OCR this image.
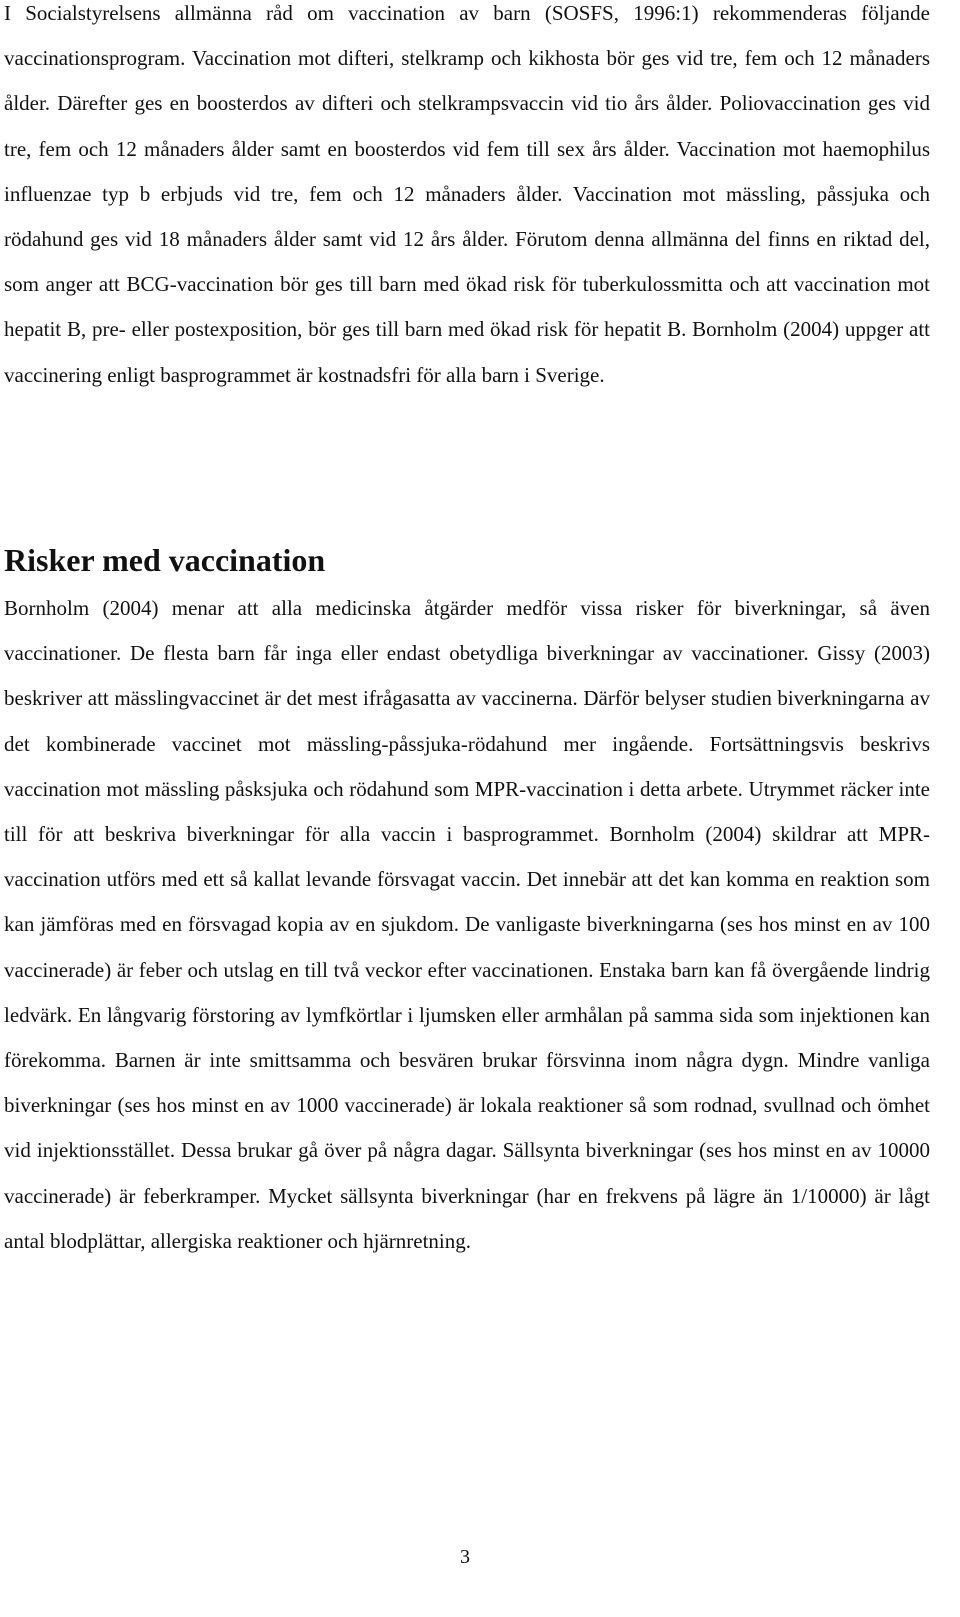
I Socialstyrelsens allmänna råd om vaccination av barn (SOSFS, 1996:1) rekommenderas följande vaccinationsprogram. Vaccination mot difteri, stelkramp och kikhosta bör ges vid tre, fem och 12 månaders ålder. Därefter ges en boosterdos av difteri och stelkrampsvaccin vid tio års ålder. Poliovaccination ges vid tre, fem och 12 månaders ålder samt en boosterdos vid fem till sex års ålder. Vaccination mot haemophilus influenzae typ b erbjuds vid tre, fem och 12 månaders ålder. Vaccination mot mässling, påssjuka och rödahund ges vid 18 månaders ålder samt vid 12 års ålder. Förutom denna allmänna del finns en riktad del, som anger att BCG-vaccination bör ges till barn med ökad risk för tuberkulossmitta och att vaccination mot hepatit B, pre- eller postexposition, bör ges till barn med ökad risk för hepatit B. Bornholm (2004) uppger att vaccinering enligt basprogrammet är kostnadsfri för alla barn i Sverige.

Risker med vaccination

Bornholm (2004) menar att alla medicinska åtgärder medför vissa risker för biverkningar, så även vaccinationer. De flesta barn får inga eller endast obetydliga biverkningar av vaccinationer. Gissy (2003) beskriver att mässlingvaccinet är det mest ifrågasatta av vaccinerna. Därför belyser studien biverkningarna av det kombinerade vaccinet mot mässling-påssjuka-rödahund mer ingående. Fortsättningsvis beskrivs vaccination mot mässling påsksjuka och rödahund som MPR-vaccination i detta arbete. Utrymmet räcker inte till för att beskriva biverkningar för alla vaccin i basprogrammet. Bornholm (2004) skildrar att MPR-vaccination utförs med ett så kallat levande försvagat vaccin. Det innebär att det kan komma en reaktion som kan jämföras med en försvagad kopia av en sjukdom. De vanligaste biverkningarna (ses hos minst en av 100 vaccinerade) är feber och utslag en till två veckor efter vaccinationen. Enstaka barn kan få övergående lindrig ledvärk. En långvarig förstoring av lymfkörtlar i ljumsken eller armhålan på samma sida som injektionen kan förekomma. Barnen är inte smittsamma och besvären brukar försvinna inom några dygn. Mindre vanliga biverkningar (ses hos minst en av 1000 vaccinerade) är lokala reaktioner så som rodnad, svullnad och ömhet vid injektionsstället. Dessa brukar gå över på några dagar. Sällsynta biverkningar (ses hos minst en av 10000 vaccinerade) är feberkramper. Mycket sällsynta biverkningar (har en frekvens på lägre än 1/10000) är lågt antal blodplättar, allergiska reaktioner och hjärnretning.

3
